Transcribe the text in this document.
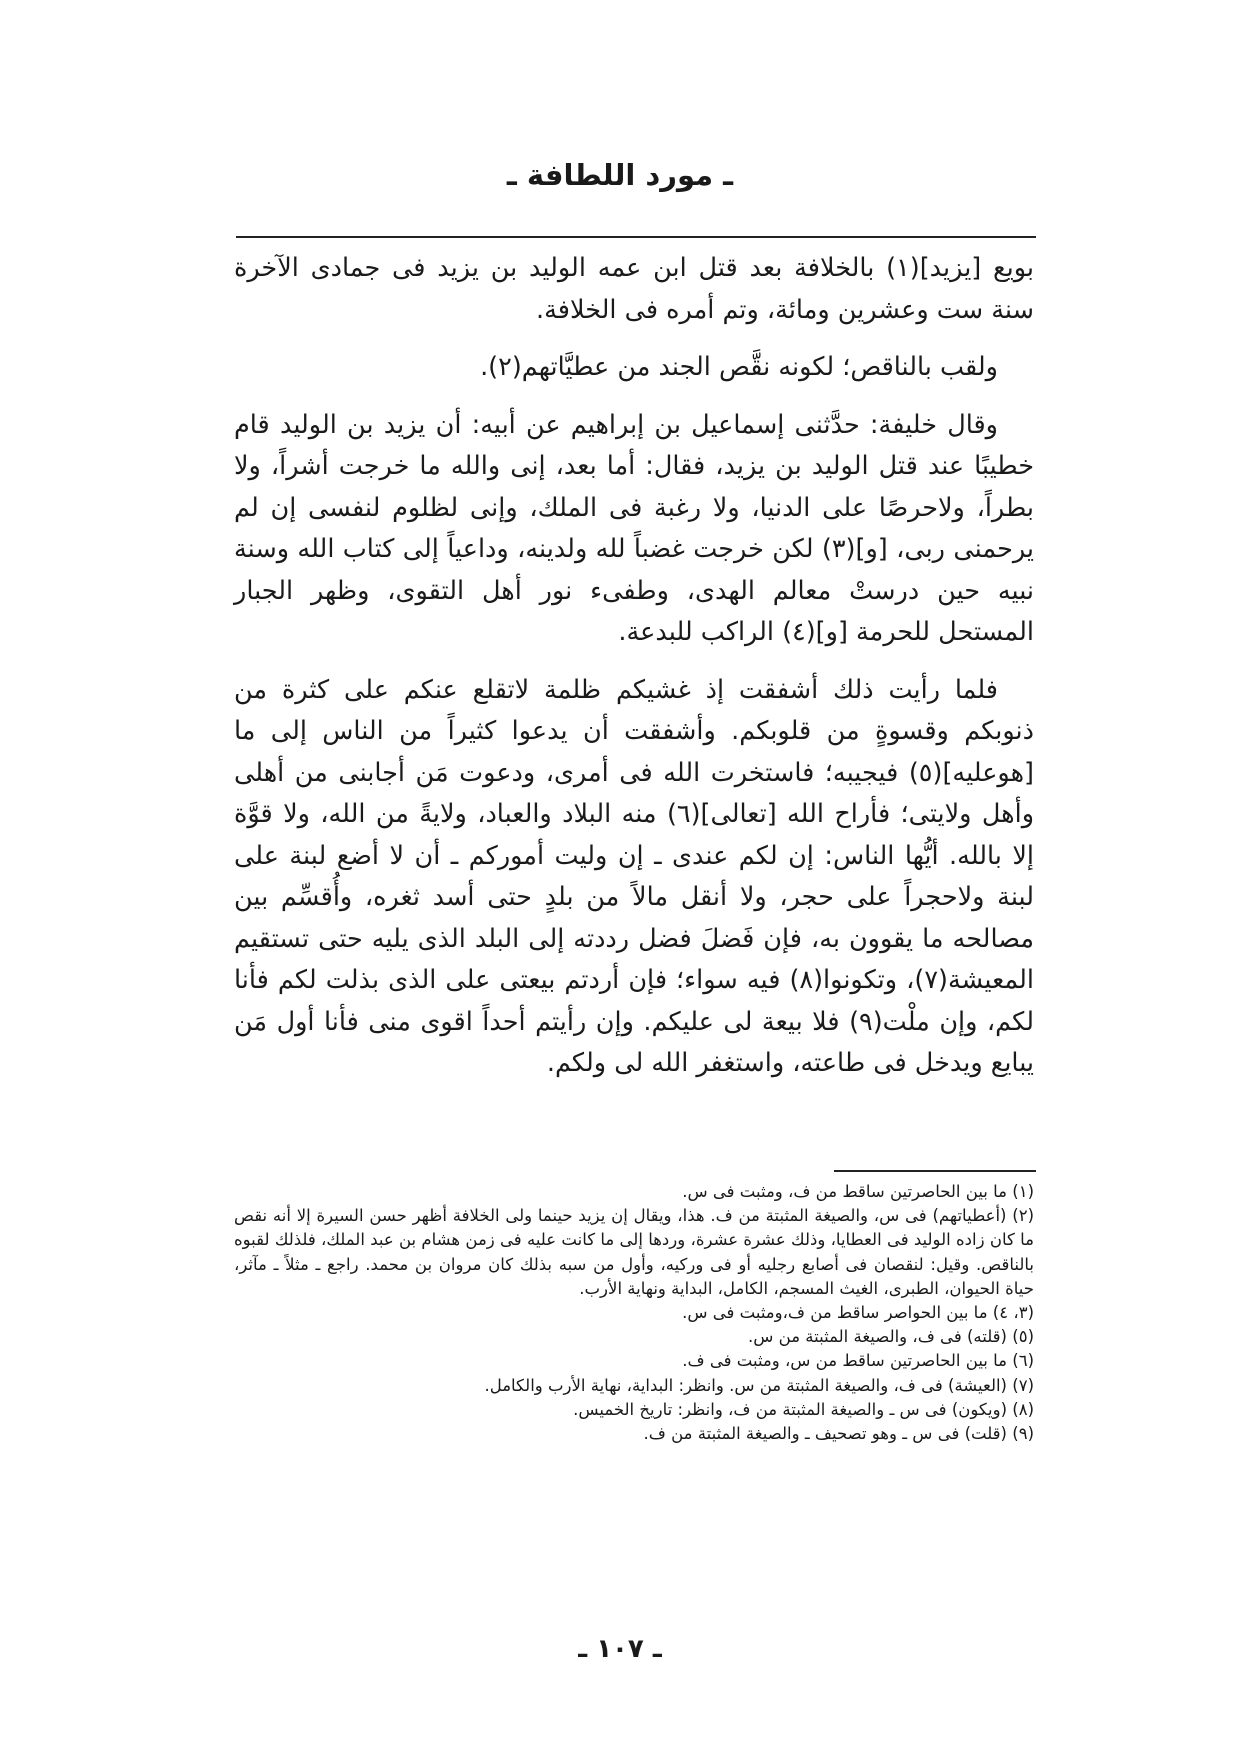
ـ مورد اللطافة ـ

بويع [يزيد](١) بالخلافة بعد قتل ابن عمه الوليد بن يزيد فى جمادى الآخرة سنة ست وعشرين ومائة، وتم أمره فى الخلافة.

ولقب بالناقص؛ لكونه نقَّص الجند من عطيَّاتهم(٢).

وقال خليفة: حدَّثنى إسماعيل بن إبراهيم عن أبيه: أن يزيد بن الوليد قام خطيبًا عند قتل الوليد بن يزيد، فقال: أما بعد، إنى والله ما خرجت أشراً، ولا بطراً، ولاحرصًا على الدنيا، ولا رغبة فى الملك، وإنى لظلوم لنفسى إن لم يرحمنى ربى، [و](٣) لكن خرجت غضباً لله ولدينه، وداعياً إلى كتاب الله وسنة نبيه حين درستْ معالم الهدى، وطفىء نور أهل التقوى، وظهر الجبار المستحل للحرمة [و](٤) الراكب للبدعة.

فلما رأيت ذلك أشفقت إذ غشيكم ظلمة لاتقلع عنكم على كثرة من ذنوبكم وقسوةٍ من قلوبكم. وأشفقت أن يدعوا كثيراً من الناس إلى ما [هوعليه](٥) فيجيبه؛ فاستخرت الله فى أمرى، ودعوت مَن أجابنى من أهلى وأهل ولايتى؛ فأراح الله [تعالى](٦) منه البلاد والعباد، ولايةً من الله، ولا قوَّة إلا بالله. أيُّها الناس: إن لكم عندى ـ إن وليت أموركم ـ أن لا أضع لبنة على لبنة ولاحجراً على حجر، ولا أنقل مالاً من بلدٍ حتى أسد ثغره، وأُقسِّم بين مصالحه ما يقوون به، فإن فَضلَ فضل رددته إلى البلد الذى يليه حتى تستقيم المعيشة(٧)، وتكونوا(٨) فيه سواء؛ فإن أردتم بيعتى على الذى بذلت لكم فأنا لكم، وإن ملْت(٩) فلا بيعة لى عليكم. وإن رأيتم أحداً اقوى منى فأنا أول مَن يبايع ويدخل فى طاعته، واستغفر الله لى ولكم.

(١) ما بين الحاصرتين ساقط من ف، ومثبت فى س.

(٢) (أعطياتهم) فى س، والصيغة المثبتة من ف. هذا، ويقال إن يزيد حينما ولى الخلافة أظهر حسن السيرة إلا أنه نقص ما كان زاده الوليد فى العطايا، وذلك عشرة عشرة، وردها إلى ما كانت عليه فى زمن هشام بن عبد الملك، فلذلك لقبوه بالناقص. وقيل: لنقصان فى أصابع رجليه أو فى وركيه، وأول من سبه بذلك كان مروان بن محمد. راجع ـ مثلاً ـ مآثر، حياة الحيوان، الطبرى، الغيث المسجم، الكامل، البداية ونهاية الأرب.

(٣، ٤) ما بين الحواصر ساقط من ف،ومثبت فى س.

(٥) (قلته) فى ف، والصيغة المثبتة من س.

(٦) ما بين الحاصرتين ساقط من س، ومثبت فى ف.

(٧) (العيشة) فى ف، والصيغة المثبتة من س. وانظر: البداية، نهاية الأرب والكامل.

(٨) (ويكون) فى س ـ والصيغة المثبتة من ف، وانظر: تاريخ الخميس.

(٩) (قلت) فى س ـ وهو تصحيف ـ والصيغة المثبتة من ف.

ـ ١٠٧ ـ
